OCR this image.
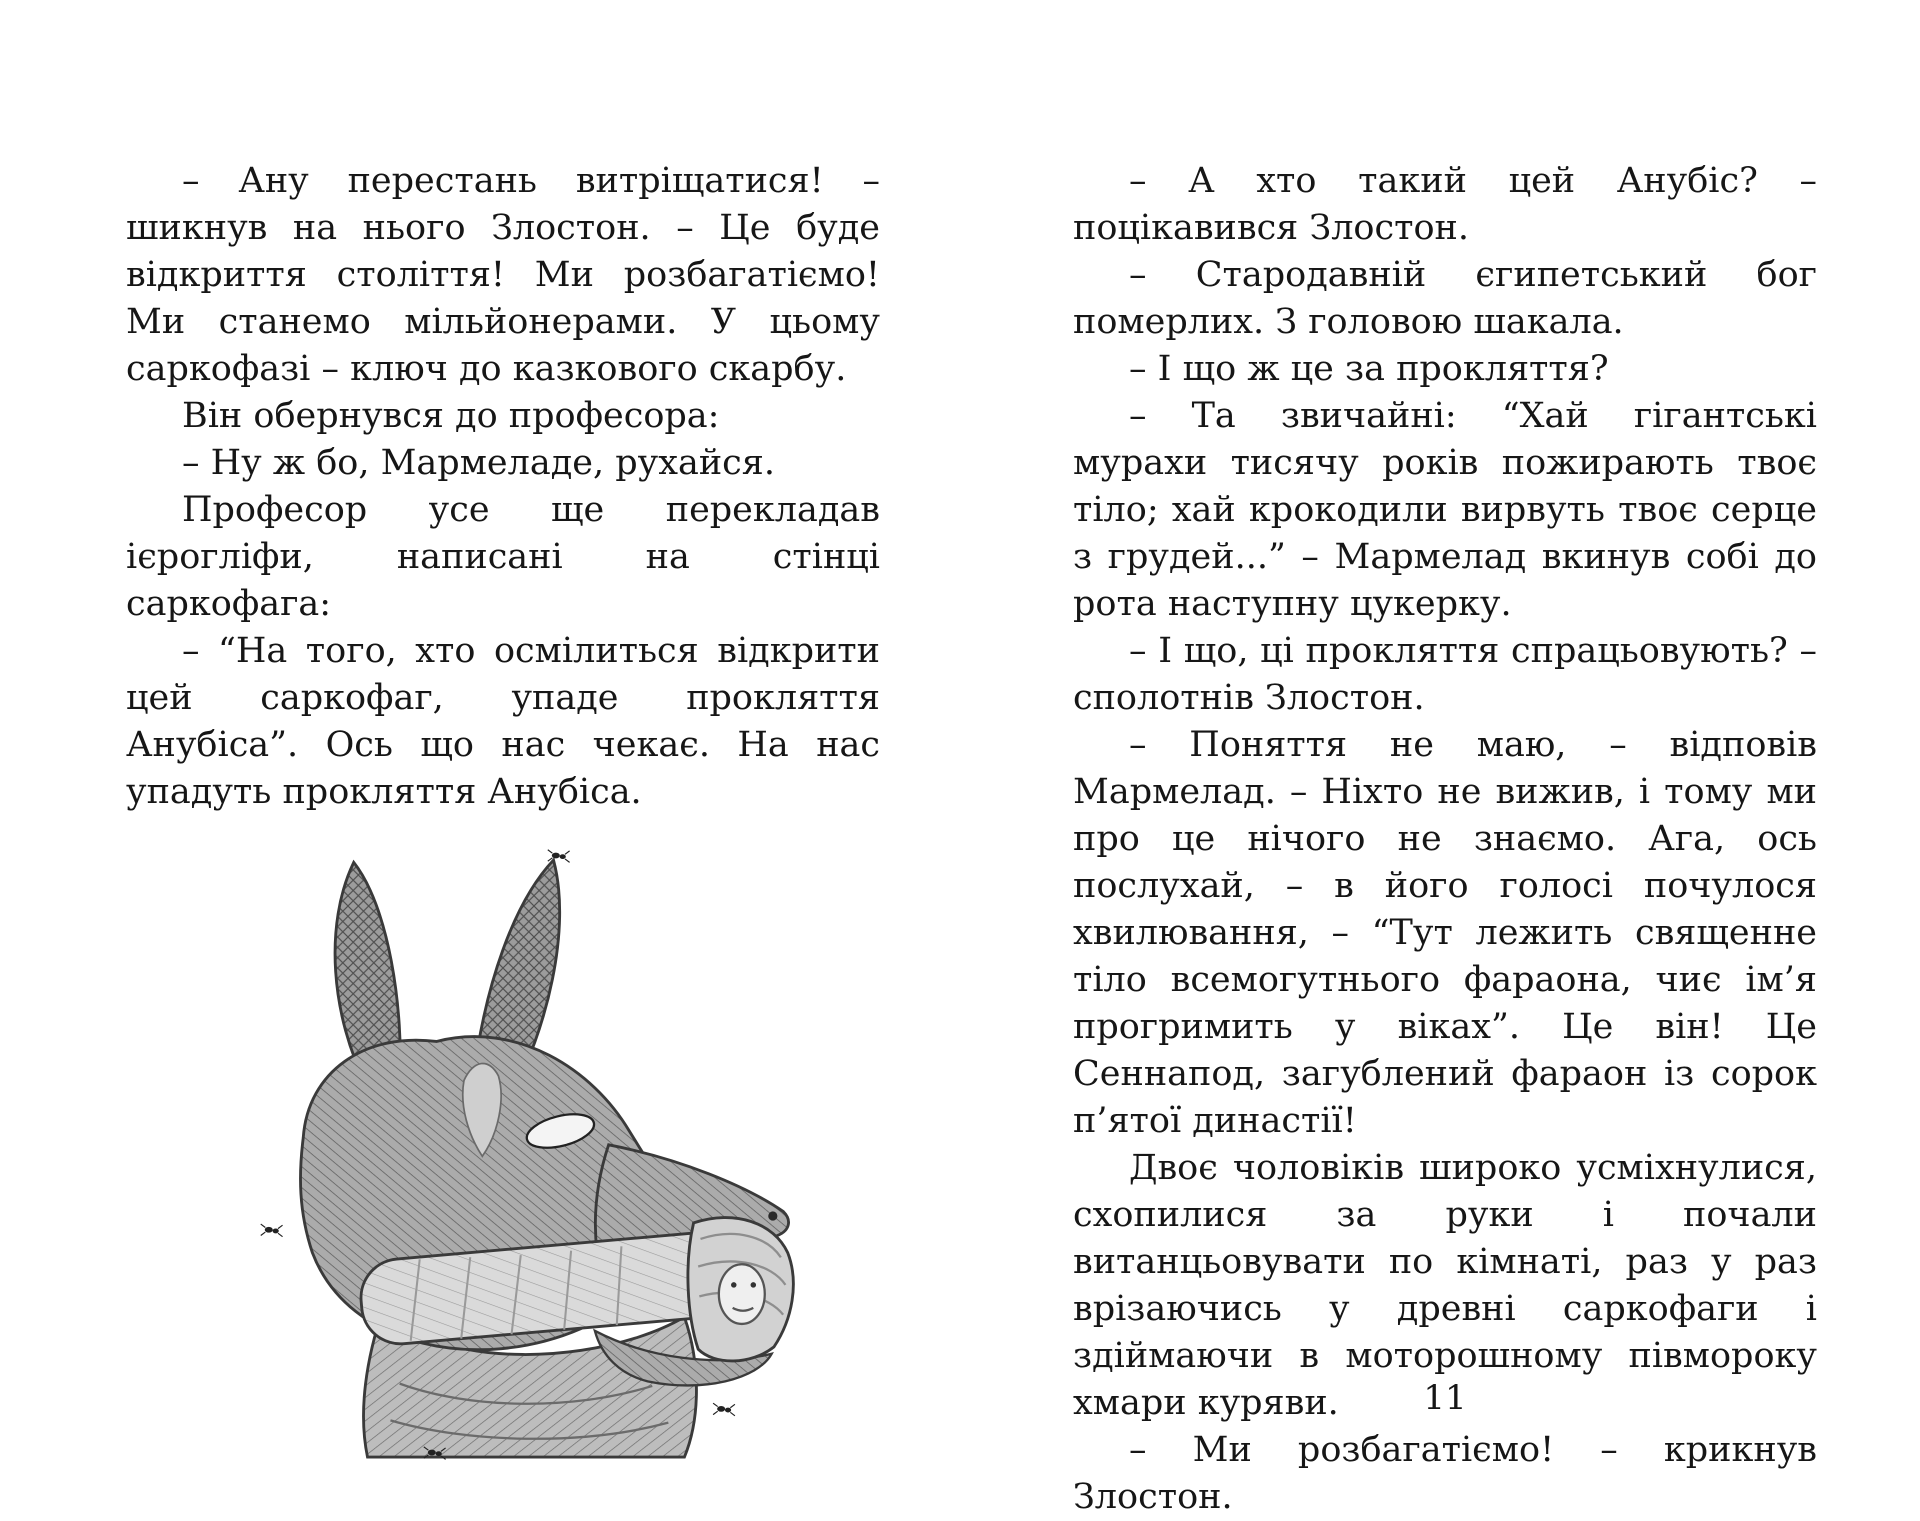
– Ану перестань витріщатися! – шикнув на нього Злостон. – Це буде відкриття століття! Ми розбагатіємо! Ми станемо мільйонерами. У цьому саркофазі – ключ до казкового скарбу.

Він обернувся до професора:

– Ну ж бо, Мармеладе, рухайся.

Професор усе ще перекладав ієрогліфи, написані на стінці саркофага:

– “На того, хто осмілиться відкрити цей саркофаг, упаде прокляття Анубіса”. Ось що нас чекає. На нас упадуть прокляття Анубіса.

– А хто такий цей Анубіс? – поцікавився Злостон.

– Стародавній єгипетський бог померлих. З головою шакала.

– І що ж це за прокляття?

– Та звичайні: “Хай гігантські мурахи тисячу років пожирають твоє тіло; хай крокодили вирвуть твоє серце з грудей...” – Мармелад вкинув собі до рота наступну цукерку.

– І що, ці прокляття спрацьовують? – сполотнів Злостон.

– Поняття не маю, – відповів Мармелад. – Ніхто не вижив, і тому ми про це нічого не знаємо. Ага, ось послухай, – в його голосі почулося хвилювання, – “Тут лежить священне тіло всемогутнього фараона, чиє ім’я прогримить у віках”. Це він! Це Сеннапод, загублений фараон із сорок п’ятої династії!

Двоє чоловіків широко усміхнулися, схопилися за руки і почали витанцьовувати по кімнаті, раз у раз врізаючись у древні саркофаги і здіймаючи в моторошному півмороку хмари куряви.

– Ми розбагатіємо! – крикнув Злостон.

11
